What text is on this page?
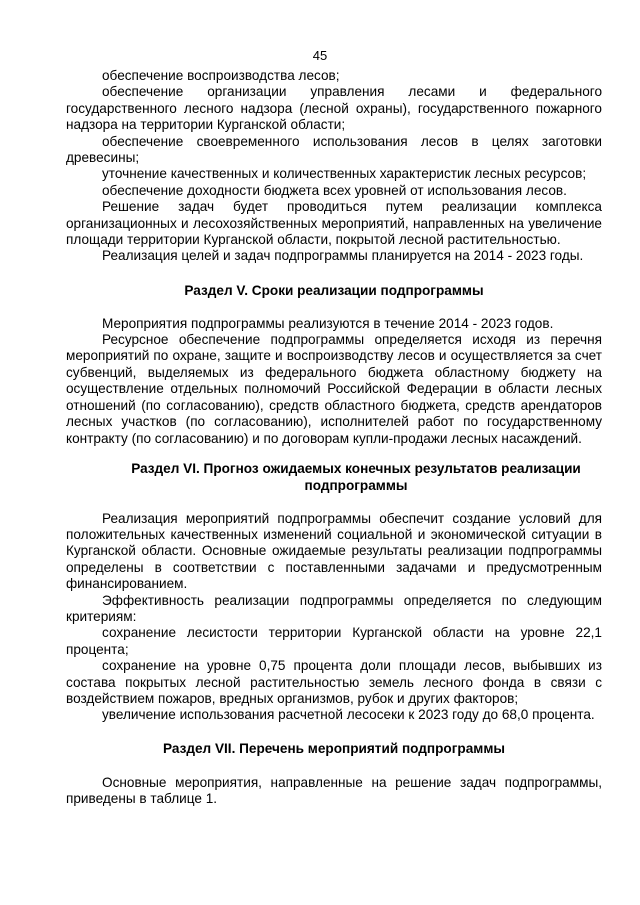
45

обеспечение воспроизводства лесов;

обеспечение организации управления лесами и федерального государственного лесного надзора (лесной охраны), государственного пожарного надзора на территории Курганской области;

обеспечение своевременного использования лесов в целях заготовки древесины;

уточнение качественных и количественных характеристик лесных ресурсов;

обеспечение доходности бюджета всех уровней от использования лесов.

Решение задач будет проводиться путем реализации комплекса организационных и лесохозяйственных мероприятий, направленных на увеличение площади территории Курганской области, покрытой лесной растительностью.

Реализация целей и задач подпрограммы планируется на 2014 - 2023 годы.

Раздел V. Сроки реализации подпрограммы

Мероприятия подпрограммы реализуются в течение 2014 - 2023 годов.

Ресурсное обеспечение подпрограммы определяется исходя из перечня мероприятий по охране, защите и воспроизводству лесов и осуществляется за счет субвенций, выделяемых из федерального бюджета областному бюджету на осуществление отдельных полномочий Российской Федерации в области лесных отношений (по согласованию), средств областного бюджета, средств арендаторов лесных участков (по согласованию), исполнителей работ по государственному контракту (по согласованию) и по договорам купли-продажи лесных насаждений.

Раздел VI. Прогноз ожидаемых конечных результатов реализации подпрограммы

Реализация мероприятий подпрограммы обеспечит создание условий для положительных качественных изменений социальной и экономической ситуации в Курганской области. Основные ожидаемые результаты реализации подпрограммы определены в соответствии с поставленными задачами и предусмотренным финансированием.

Эффективность реализации подпрограммы определяется по следующим критериям:

сохранение лесистости территории Курганской области на уровне 22,1 процента;

сохранение на уровне 0,75 процента доли площади лесов, выбывших из состава покрытых лесной растительностью земель лесного фонда в связи с воздействием пожаров, вредных организмов, рубок и других факторов;

увеличение использования расчетной лесосеки к 2023 году до 68,0 процента.

Раздел VII. Перечень мероприятий подпрограммы

Основные мероприятия, направленные на решение задач подпрограммы, приведены в таблице 1.
